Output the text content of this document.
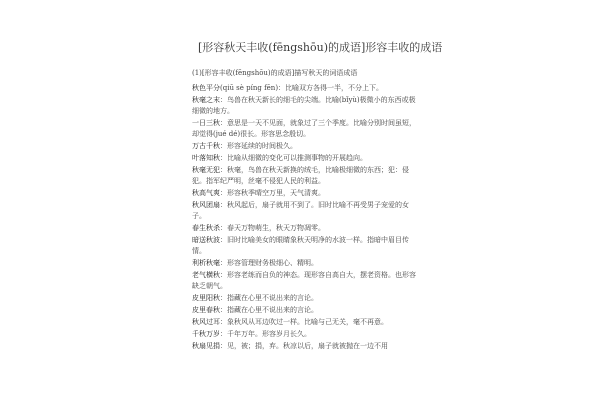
[形容秋天丰收(fēngshōu)的成语]形容丰收的成语
(1)[形容丰收(fēngshōu)的成语]描写秋天的词语成语
秋色平分(qiū sè píng fēn)：比喻双方各得一半，不分上下。
秋毫之末：鸟兽在秋天新长的细毛的尖端。比喻(bǐyù)极微小的东西或极细微的地方。
一日三秋：意思是一天不见面，就象过了三个季度。比喻分别时间虽短，却觉得(jué dé)很长。形容思念殷切。
万古千秋：形容延续的时间极久。
叶落知秋：比喻从细微的变化可以推测事物的开展趋向。
秋毫无犯：秋毫，鸟兽在秋天新换的绒毛，比喻极细微的东西；犯：侵犯。指军纪严明，丝毫不侵犯人民的利益。
秋高气爽：形容秋季晴空万里，天气清爽。
秋风团扇：秋风起后，扇子就用不到了。旧时比喻不再受男子宠爱的女子。
春生秋杀：春天万物萌生，秋天万物凋零。
暗送秋波：旧时比喻美女的眼睛象秋天明净的水波一样。指暗中眉目传情。
利析秋毫：形容管理财务极细心、精明。
老气横秋：形容老练而自负的神态。现形容自高自大，摆老资格。也形容缺乏朝气。
皮里阳秋：指藏在心里不说出来的言论。
皮里春秋：指藏在心里不说出来的言论。
秋风过耳：象秋风从耳边吹过一样。比喻与己无关，毫不再意。
千秋万岁：千年万年。形容岁月长久。
秋扇见捐：见，被；捐，弃。秋凉以后，扇子就被抛在一边不用
